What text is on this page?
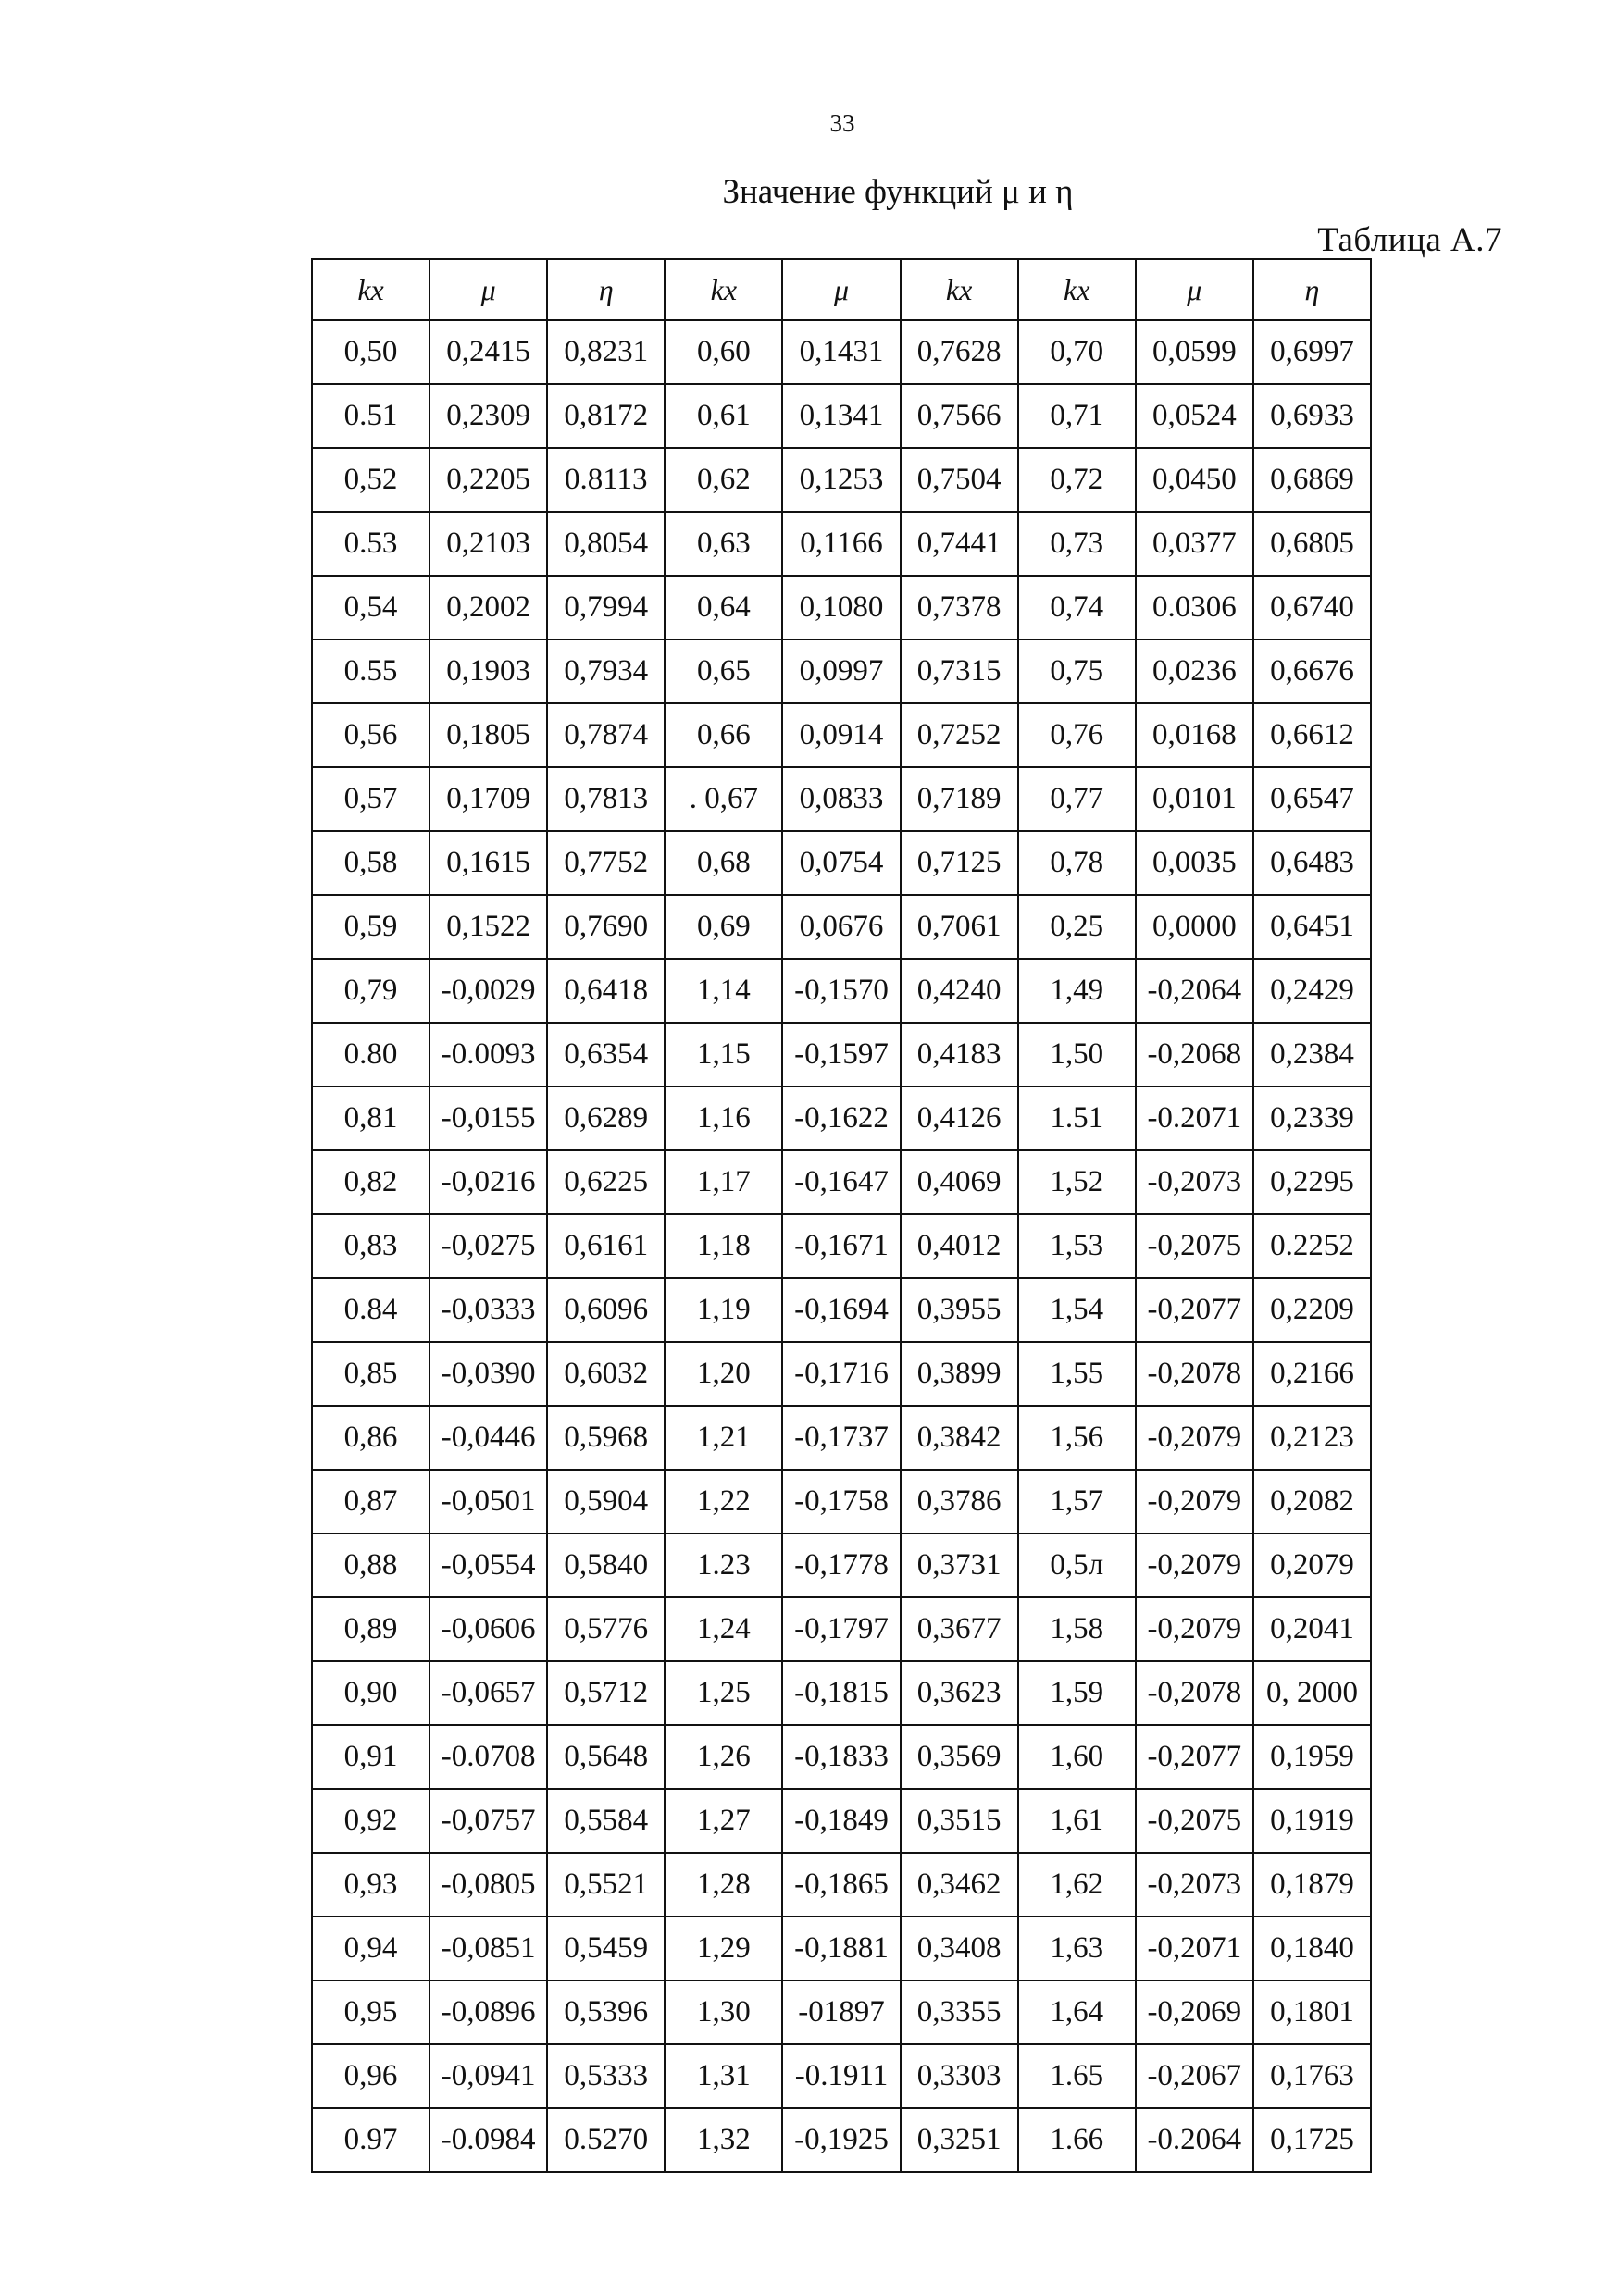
33
Значение функций μ и η
Таблица А.7
kx	μ	η	kx	μ	kx	kx	μ	η
0,50	0,2415	0,8231	0,60	0,1431	0,7628	0,70	0,0599	0,6997
0.51	0,2309	0,8172	0,61	0,1341	0,7566	0,71	0,0524	0,6933
0,52	0,2205	0.8113	0,62	0,1253	0,7504	0,72	0,0450	0,6869
0.53	0,2103	0,8054	0,63	0,1166	0,7441	0,73	0,0377	0,6805
0,54	0,2002	0,7994	0,64	0,1080	0,7378	0,74	0.0306	0,6740
0.55	0,1903	0,7934	0,65	0,0997	0,7315	0,75	0,0236	0,6676
0,56	0,1805	0,7874	0,66	0,0914	0,7252	0,76	0,0168	0,6612
0,57	0,1709	0,7813	. 0,67	0,0833	0,7189	0,77	0,0101	0,6547
0,58	0,1615	0,7752	0,68	0,0754	0,7125	0,78	0,0035	0,6483
0,59	0,1522	0,7690	0,69	0,0676	0,7061	0,25	0,0000	0,6451
0,79	-0,0029	0,6418	1,14	-0,1570	0,4240	1,49	-0,2064	0,2429
0.80	-0.0093	0,6354	1,15	-0,1597	0,4183	1,50	-0,2068	0,2384
0,81	-0,0155	0,6289	1,16	-0,1622	0,4126	1.51	-0.2071	0,2339
0,82	-0,0216	0,6225	1,17	-0,1647	0,4069	1,52	-0,2073	0,2295
0,83	-0,0275	0,6161	1,18	-0,1671	0,4012	1,53	-0,2075	0.2252
0.84	-0,0333	0,6096	1,19	-0,1694	0,3955	1,54	-0,2077	0,2209
0,85	-0,0390	0,6032	1,20	-0,1716	0,3899	1,55	-0,2078	0,2166
0,86	-0,0446	0,5968	1,21	-0,1737	0,3842	1,56	-0,2079	0,2123
0,87	-0,0501	0,5904	1,22	-0,1758	0,3786	1,57	-0,2079	0,2082
0,88	-0,0554	0,5840	1.23	-0,1778	0,3731	0,5л	-0,2079	0,2079
0,89	-0,0606	0,5776	1,24	-0,1797	0,3677	1,58	-0,2079	0,2041
0,90	-0,0657	0,5712	1,25	-0,1815	0,3623	1,59	-0,2078	0, 2000
0,91	-0.0708	0,5648	1,26	-0,1833	0,3569	1,60	-0,2077	0,1959
0,92	-0,0757	0,5584	1,27	-0,1849	0,3515	1,61	-0,2075	0,1919
0,93	-0,0805	0,5521	1,28	-0,1865	0,3462	1,62	-0,2073	0,1879
0,94	-0,0851	0,5459	1,29	-0,1881	0,3408	1,63	-0,2071	0,1840
0,95	-0,0896	0,5396	1,30	-01897	0,3355	1,64	-0,2069	0,1801
0,96	-0,0941	0,5333	1,31	-0.1911	0,3303	1.65	-0,2067	0,1763
0.97	-0.0984	0.5270	1,32	-0,1925	0,3251	1.66	-0.2064	0,1725
